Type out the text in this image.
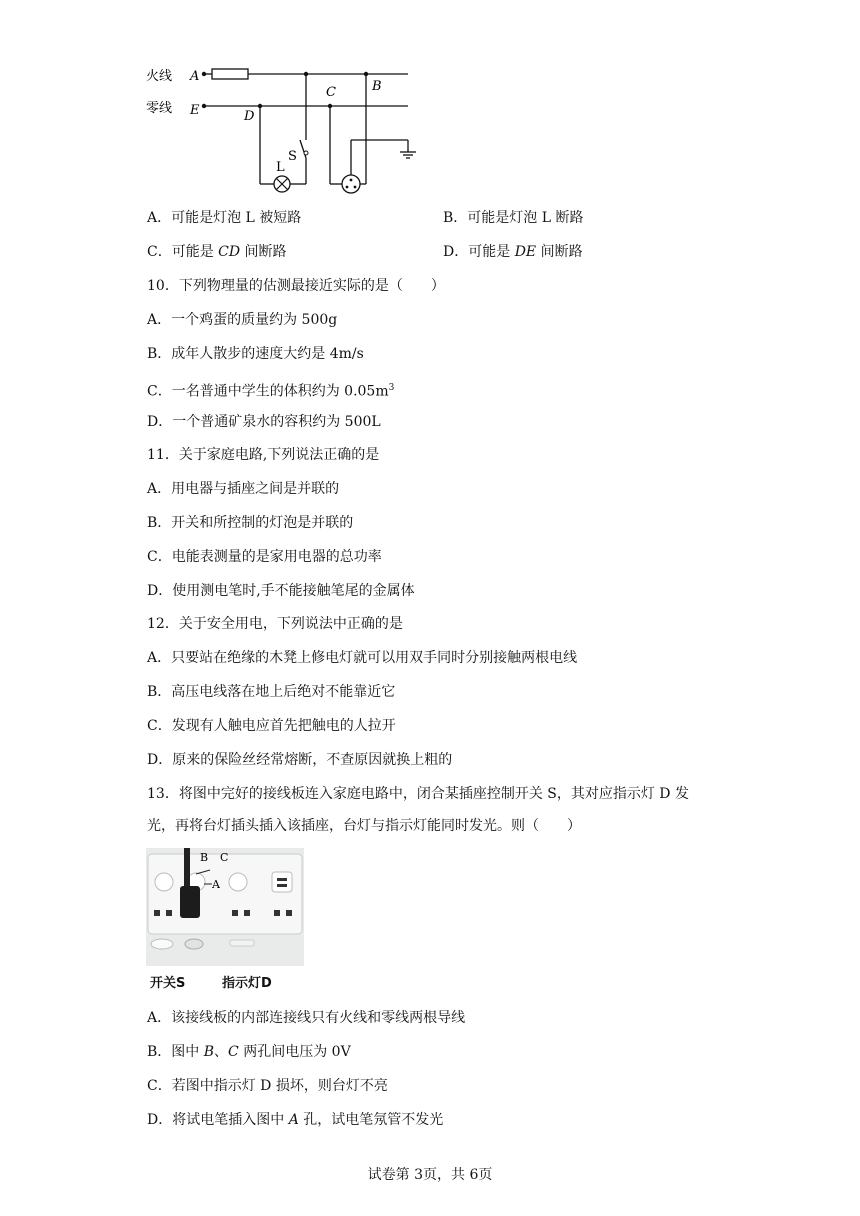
火线
零线
A
E	D
C	B
L
S
A．可能是灯泡 L 被短路	B．可能是灯泡 L 断路
C．可能是 CD 间断路	D．可能是 DE 间断路
10．下列物理量的估测最接近实际的是（　　）
A．一个鸡蛋的质量约为 500g
B．成年人散步的速度大约是 4m/s
C．一名普通中学生的体积约为 $0.05m^3$
D．一个普通矿泉水的容积约为 500L
11．关于家庭电路,下列说法正确的是
A．用电器与插座之间是并联的
B．开关和所控制的灯泡是并联的
C．电能表测量的是家用电器的总功率
D．使用测电笔时,手不能接触笔尾的金属体
12．关于安全用电，下列说法中正确的是
A．只要站在绝缘的木凳上修电灯就可以用双手同时分别接触两根电线
B．高压电线落在地上后绝对不能靠近它
C．发现有人触电应首先把触电的人拉开
D．原来的保险丝经常熔断，不查原因就换上粗的
13．将图中完好的接线板连入家庭电路中，闭合某插座控制开关 S，其对应指示灯 D 发
光，再将台灯插头插入该插座，台灯与指示灯能同时发光。则（　　）
B C
A
开关S	指示灯D
A．该接线板的内部连接线只有火线和零线两根导线
B．图中 B、C 两孔间电压为 0V
C．若图中指示灯 D 损坏，则台灯不亮
D．将试电笔插入图中 A 孔，试电笔氖管不发光
试卷第 3页，共 6页
